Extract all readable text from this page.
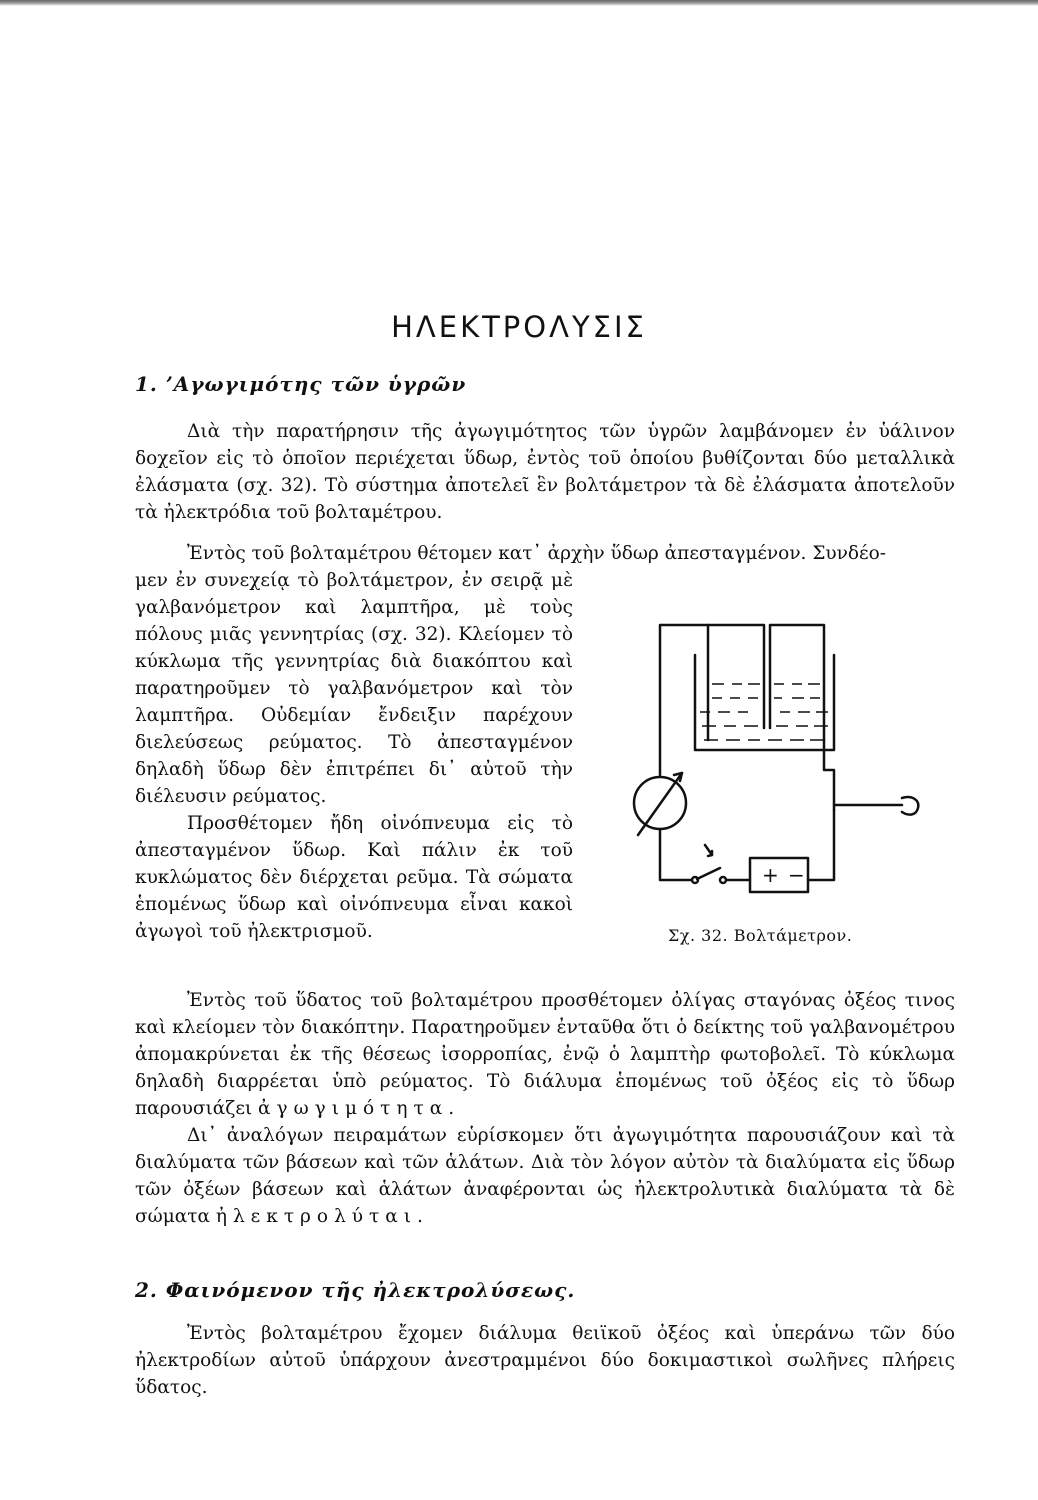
ΗΛΕΚΤΡΟΛΥΣΙΣ
1. ’Αγωγιμότης τῶν ὑγρῶν

Διὰ τὴν παρατήρησιν τῆς ἀγωγιμότητος τῶν ὑγρῶν λαμβάνομεν ἐν ὑάλινον δοχεῖον εἰς τὸ ὁποῖον περιέχεται ὕδωρ, ἐντὸς τοῦ ὁποίου βυθίζονται δύο μεταλλικὰ ἐλάσματα (σχ. 32). Τὸ σύστημα ἀποτελεῖ ἓν βολτάμετρον τὰ δὲ ἐλάσματα ἀποτελοῦν τὰ ἠλεκτρόδια τοῦ βολταμέτρου.

Ἐντὸς τοῦ βολταμέτρου θέτομεν κατ᾽ ἀρχὴν ὕδωρ ἀπεσταγμένον. Συνδέο-

μεν ἐν συνεχείᾳ τὸ βολτάμετρον, ἐν σειρᾷ μὲ γαλβανόμετρον καὶ λαμπτῆρα, μὲ τοὺς πόλους μιᾶς γεννητρίας (σχ. 32). Κλείομεν τὸ κύκλωμα τῆς γεννητρίας διὰ διακόπτου καὶ παρατηροῦμεν τὸ γαλβανόμετρον καὶ τὸν λαμπτῆρα. Οὐδεμίαν ἔνδειξιν παρέχουν διελεύσεως ρεύματος. Τὸ ἀπεσταγμένον δηλαδὴ ὕδωρ δὲν ἐπιτρέπει δι᾽ αὐτοῦ τὴν διέλευσιν ρεύματος.
Προσθέτομεν ἤδη οἰνόπνευμα εἰς τὸ ἀπεσταγμένον ὕδωρ. Καὶ πάλιν ἐκ τοῦ κυκλώματος δὲν διέρχεται ρεῦμα. Τὰ σώματα ἑπομένως ὕδωρ καὶ οἰνόπνευμα εἶναι κακοὶ ἀγωγοὶ τοῦ ἠλεκτρισμοῦ.
+ −
Σχ. 32. Βολτάμετρον.
Ἐντὸς τοῦ ὕδατος τοῦ βολταμέτρου προσθέτομεν ὀλίγας σταγόνας ὀξέος τινος καὶ κλείομεν τὸν διακόπτην. Παρατηροῦμεν ἐνταῦθα ὅτι ὁ δείκτης τοῦ γαλβανομέτρου ἀπομακρύνεται ἐκ τῆς θέσεως ἰσορροπίας, ἐνῷ ὁ λαμπτὴρ φωτοβολεῖ. Τὸ κύκλωμα δηλαδὴ διαρρέεται ὑπὸ ρεύματος. Τὸ διάλυμα ἑπομένως τοῦ ὀξέος εἰς τὸ ὕδωρ παρουσιάζει ἀγωγιμότητα.
Δι᾽ ἀναλόγων πειραμάτων εὑρίσκομεν ὅτι ἀγωγιμότητα παρουσιάζουν καὶ τὰ διαλύματα τῶν βάσεων καὶ τῶν ἁλάτων. Διὰ τὸν λόγον αὐτὸν τὰ διαλύματα εἰς ὕδωρ τῶν ὀξέων βάσεων καὶ ἁλάτων ἀναφέρονται ὡς ἠλεκτρολυτικὰ διαλύματα τὰ δὲ σώματα ἠλεκτρολύται.
2. Φαινόμενον τῆς ἠλεκτρολύσεως.

Ἐντὸς βολταμέτρου ἔχομεν διάλυμα θειϊκοῦ ὀξέος καὶ ὑπεράνω τῶν δύο ἠλεκτροδίων αὐτοῦ ὑπάρχουν ἀνεστραμμένοι δύο δοκιμαστικοὶ σωλῆνες πλήρεις ὕδατος.
